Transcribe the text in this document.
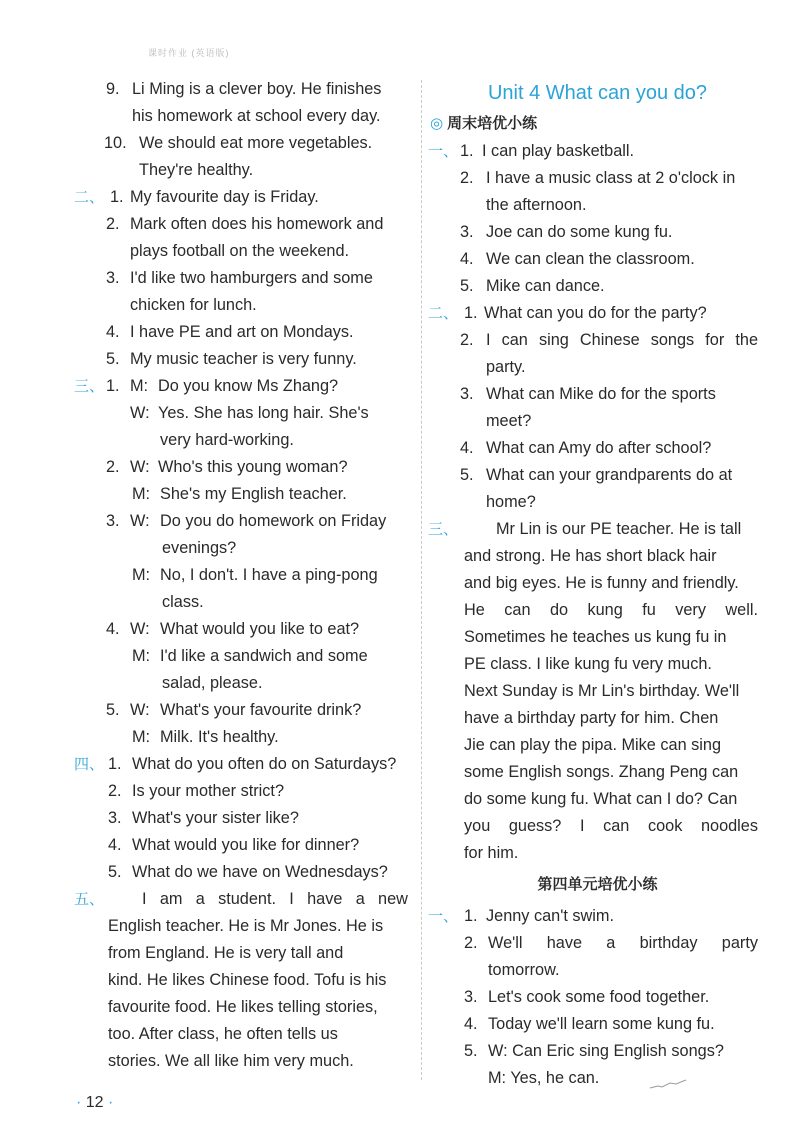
课时作业 (英语版)
9. Li Ming is a clever boy. He finishes
his homework at school every day.
10. We should eat more vegetables.
They're healthy.
二、 1. My favourite day is Friday.
2. Mark often does his homework and
plays football on the weekend.
3. I'd like two hamburgers and some
chicken for lunch.
4. I have PE and art on Mondays.
5. My music teacher is very funny.
三、 1. M: Do you know Ms Zhang?
W: Yes. She has long hair. She's
very hard-working.
2. W: Who's this young woman?
M: She's my English teacher.
3. W: Do you do homework on Friday
evenings?
M: No, I don't. I have a ping-pong
class.
4. W: What would you like to eat?
M: I'd like a sandwich and some
salad, please.
5. W: What's your favourite drink?
M: Milk. It's healthy.
四、 1. What do you often do on Saturdays?
2. Is your mother strict?
3. What's your sister like?
4. What would you like for dinner?
5. What do we have on Wednesdays?
五、 I am a student. I have a new
English teacher. He is Mr Jones. He is
from England. He is very tall and
kind. He likes Chinese food. Tofu is his
favourite food. He likes telling stories,
too. After class, he often tells us
stories. We all like him very much.
Unit 4 What can you do?
◎ 周末培优小练
一、 1. I can play basketball.
2. I have a music class at 2 o'clock in
the afternoon.
3. Joe can do some kung fu.
4. We can clean the classroom.
5. Mike can dance.
二、 1. What can you do for the party?
2. I can sing Chinese songs for the
party.
3. What can Mike do for the sports
meet?
4. What can Amy do after school?
5. What can your grandparents do at
home?
三、 Mr Lin is our PE teacher. He is tall
and strong. He has short black hair
and big eyes. He is funny and friendly.
He can do kung fu very well.
Sometimes he teaches us kung fu in
PE class. I like kung fu very much.
Next Sunday is Mr Lin's birthday. We'll
have a birthday party for him. Chen
Jie can play the pipa. Mike can sing
some English songs. Zhang Peng can
do some kung fu. What can I do? Can
you guess? I can cook noodles
for him.
第四单元培优小练
一、 1. Jenny can't swim.
2. We'll have a birthday party
tomorrow.
3. Let's cook some food together.
4. Today we'll learn some kung fu.
5. W: Can Eric sing English songs?
M: Yes, he can.
· 12 ·
